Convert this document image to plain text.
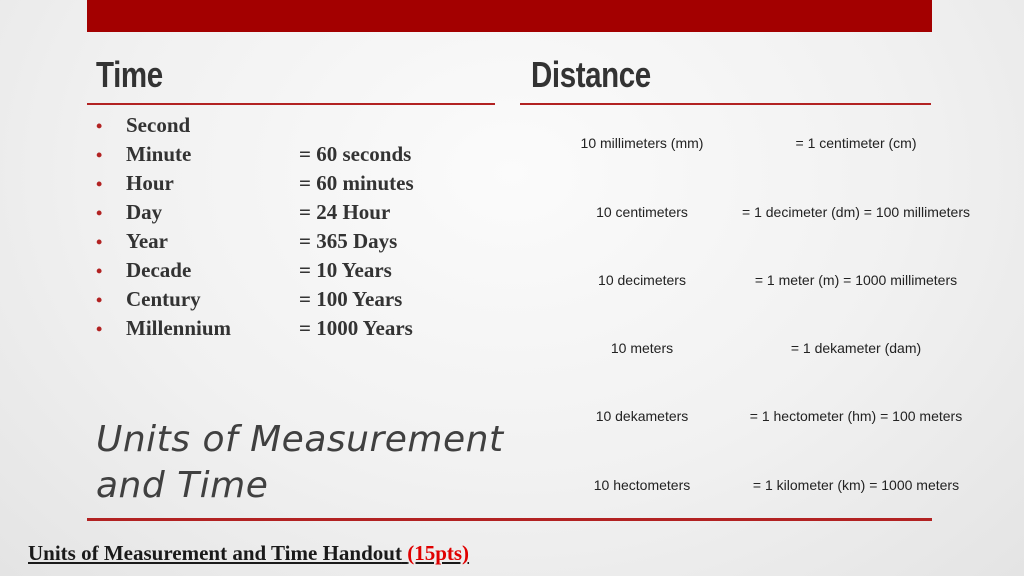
Time	Distance
•	Second
•	Minute	= 60 seconds
•	Hour	= 60 minutes
•	Day	= 24 Hour
•	Year	= 365 Days
•	Decade	= 10 Years
•	Century	= 100 Years
•	Millennium	= 1000 Years
Units of Measurement and Time
10 millimeters (mm)	= 1 centimeter (cm)
10 centimeters	= 1 decimeter (dm) = 100 millimeters
10 decimeters	= 1 meter (m) = 1000 millimeters
10 meters	= 1 dekameter (dam)
10 dekameters	= 1 hectometer (hm) = 100 meters
10 hectometers	= 1 kilometer (km) = 1000 meters
Units of Measurement and Time Handout (15pts)
